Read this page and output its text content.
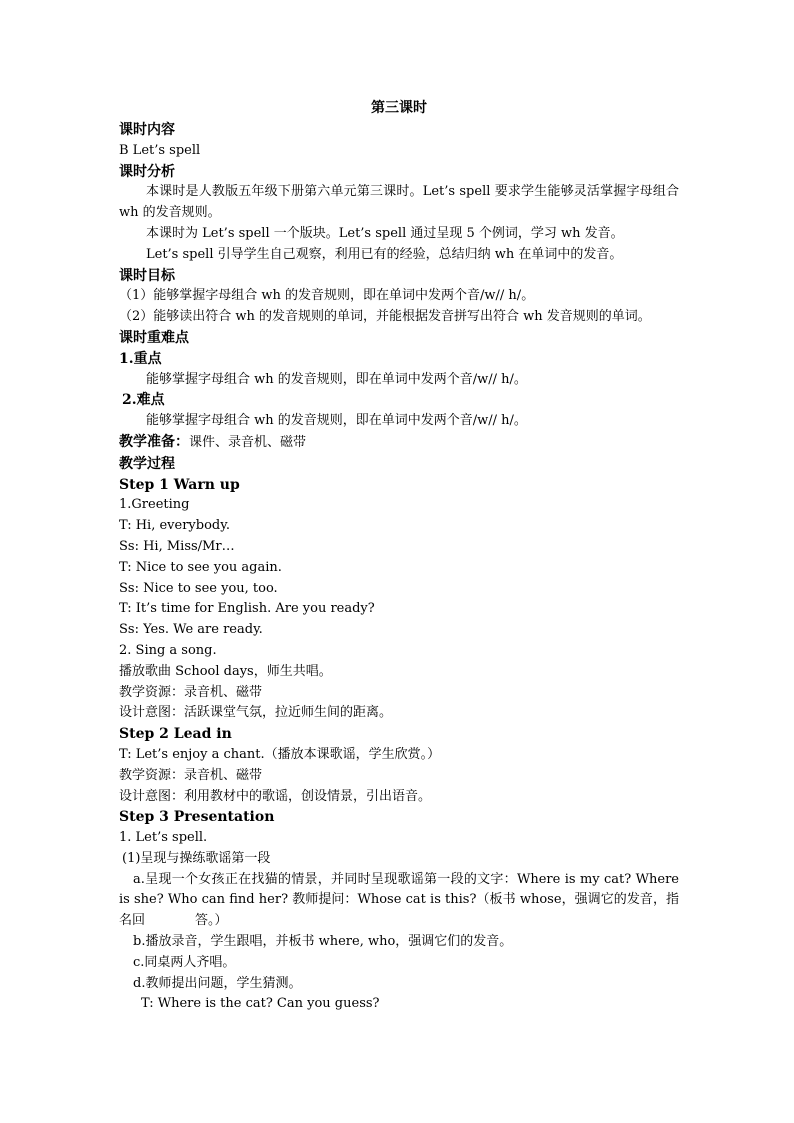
第三课时
课时内容
B Let’s spell
课时分析
本课时是人教版五年级下册第六单元第三课时。Let’s spell 要求学生能够灵活掌握字母组合 wh 的发音规则。
本课时为 Let’s spell 一个版块。Let’s spell 通过呈现 5 个例词，学习 wh 发音。
Let’s spell 引导学生自己观察，利用已有的经验，总结归纳 wh 在单词中的发音。
课时目标
（1）能够掌握字母组合 wh 的发音规则，即在单词中发两个音/w// h/。
（2）能够读出符合 wh 的发音规则的单词，并能根据发音拼写出符合 wh 发音规则的单词。
课时重难点
1.重点
能够掌握字母组合 wh 的发音规则，即在单词中发两个音/w// h/。
2.难点
能够掌握字母组合 wh 的发音规则，即在单词中发两个音/w// h/。
教学准备：课件、录音机、磁带
教学过程
Step 1 Warn up
1.Greeting
T: Hi, everybody.
Ss: Hi, Miss/Mr…
T: Nice to see you again.
Ss: Nice to see you, too.
T: It’s time for English. Are you ready?
Ss: Yes. We are ready.
2. Sing a song.
播放歌曲 School days，师生共唱。
教学资源：录音机、磁带
设计意图：活跃课堂气氛，拉近师生间的距离。
Step 2 Lead in
T: Let’s enjoy a chant.（播放本课歌谣，学生欣赏。）
教学资源：录音机、磁带
设计意图：利用教材中的歌谣，创设情景，引出语音。
Step 3 Presentation
1. Let’s spell.
(1)呈现与操练歌谣第一段
a.呈现一个女孩正在找猫的情景，并同时呈现歌谣第一段的文字：Where is my cat? Where is she? Who can find her? 教师提问：Whose cat is this?（板书 whose，强调它的发音，指名回	答。）
b.播放录音，学生跟唱，并板书 where, who，强调它们的发音。
c.同桌两人齐唱。
d.教师提出问题，学生猜测。
T: Where is the cat? Can you guess?
